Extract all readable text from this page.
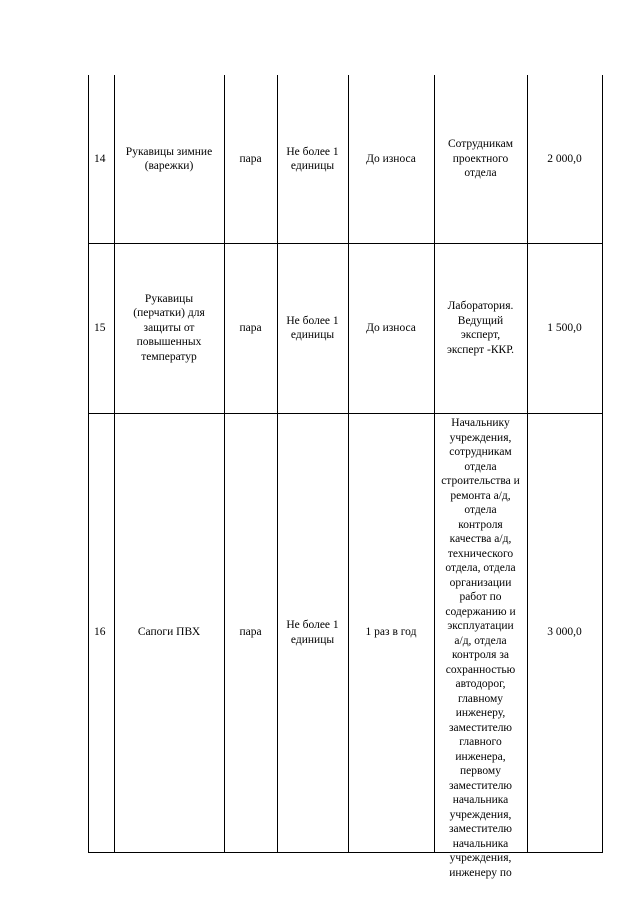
14
Рукавицы зимние
(варежки)
пара
Не более 1
единицы
До износа
Сотрудникам
проектного
отдела
2 000,0
15
Рукавицы
(перчатки) для
защиты от
повышенных
температур
пара
Не более 1
единицы
До износа
Лаборатория.
Ведущий
эксперт,
эксперт -ККР.
1 500,0
16	Сапоги ПВХ	пара
Не более 1
единицы
1 раз в год
Начальнику
учреждения,
сотрудникам
отдела
строительства и
ремонта а/д,
отдела
контроля
качества а/д,
технического
отдела, отдела
организации
работ по
содержанию и
эксплуатации
а/д, отдела
контроля за
сохранностью
автодорог,
главному
инженеру,
заместителю
главного
инженера,
первому
заместителю
начальника
учреждения,
заместителю
начальника
учреждения,
инженеру по
3 000,0
